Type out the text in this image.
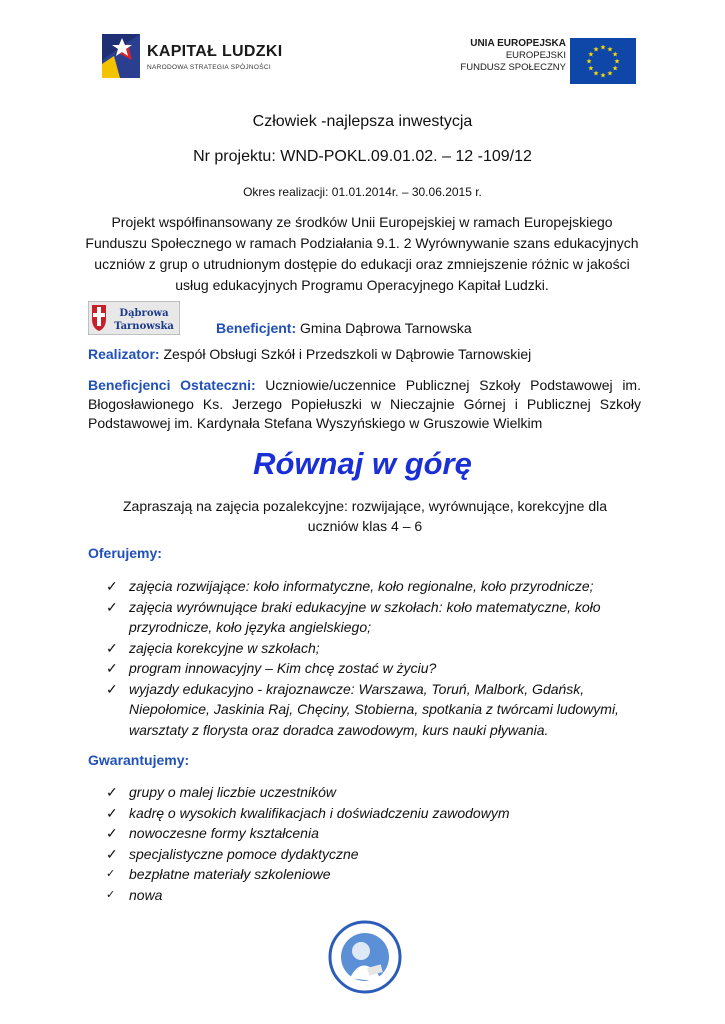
KAPITAŁ LUDZKI
NARODOWA STRATEGIA SPÓJNOŚCI
UNIA EUROPEJSKA
EUROPEJSKI
FUNDUSZ SPOŁECZNY	★
★
★
★
★
★
★
★
★ ★ ★
★
Człowiek -najlepsza inwestycja
Nr projektu: WND-POKL.09.01.02. – 12 -109/12
Okres realizacji: 01.01.2014r. – 30.06.2015 r.
Projekt współfinansowany ze środków Unii Europejskiej w ramach Europejskiego Funduszu Społecznego w ramach Podziałania 9.1. 2 Wyrównywanie szans edukacyjnych uczniów z grup o utrudnionym dostępie do edukacji oraz zmniejszenie różnic w jakości usług edukacyjnych Programu Operacyjnego Kapitał Ludzki.
Dąbrowa
Tarnowska	Beneficjent: Gmina Dąbrowa Tarnowska
Realizator: Zespół Obsługi Szkół i Przedszkoli w Dąbrowie Tarnowskiej
Beneficjenci Ostateczni: Uczniowie/uczennice Publicznej Szkoły Podstawowej im. Błogosławionego Ks. Jerzego Popiełuszki w Nieczajnie Górnej i Publicznej Szkoły Podstawowej im. Kardynała Stefana Wyszyńskiego w Gruszowie Wielkim
Równaj w górę
Zapraszają na zajęcia pozalekcyjne: rozwijające, wyrównujące, korekcyjne dla uczniów klas 4 – 6
Oferujemy:
✓ zajęcia rozwijające: koło informatyczne, koło regionalne, koło przyrodnicze;
✓ zajęcia wyrównujące braki edukacyjne w szkołach: koło matematyczne, koło przyrodnicze, koło języka angielskiego;
✓ zajęcia korekcyjne w szkołach;
✓ program innowacyjny – Kim chcę zostać w życiu?
✓ wyjazdy edukacyjno - krajoznawcze: Warszawa, Toruń, Malbork, Gdańsk, Niepołomice, Jaskinia Raj, Chęciny, Stobierna, spotkania z twórcami ludowymi, warsztaty z florysta oraz doradca zawodowym, kurs nauki pływania.
Gwarantujemy:
✓ grupy o malej liczbie uczestników
✓ kadrę o wysokich kwalifikacjach i doświadczeniu zawodowym
✓ nowoczesne formy kształcenia
✓ specjalistyczne pomoce dydaktyczne
✓ bezpłatne materiały szkoleniowe
✓ nowa
